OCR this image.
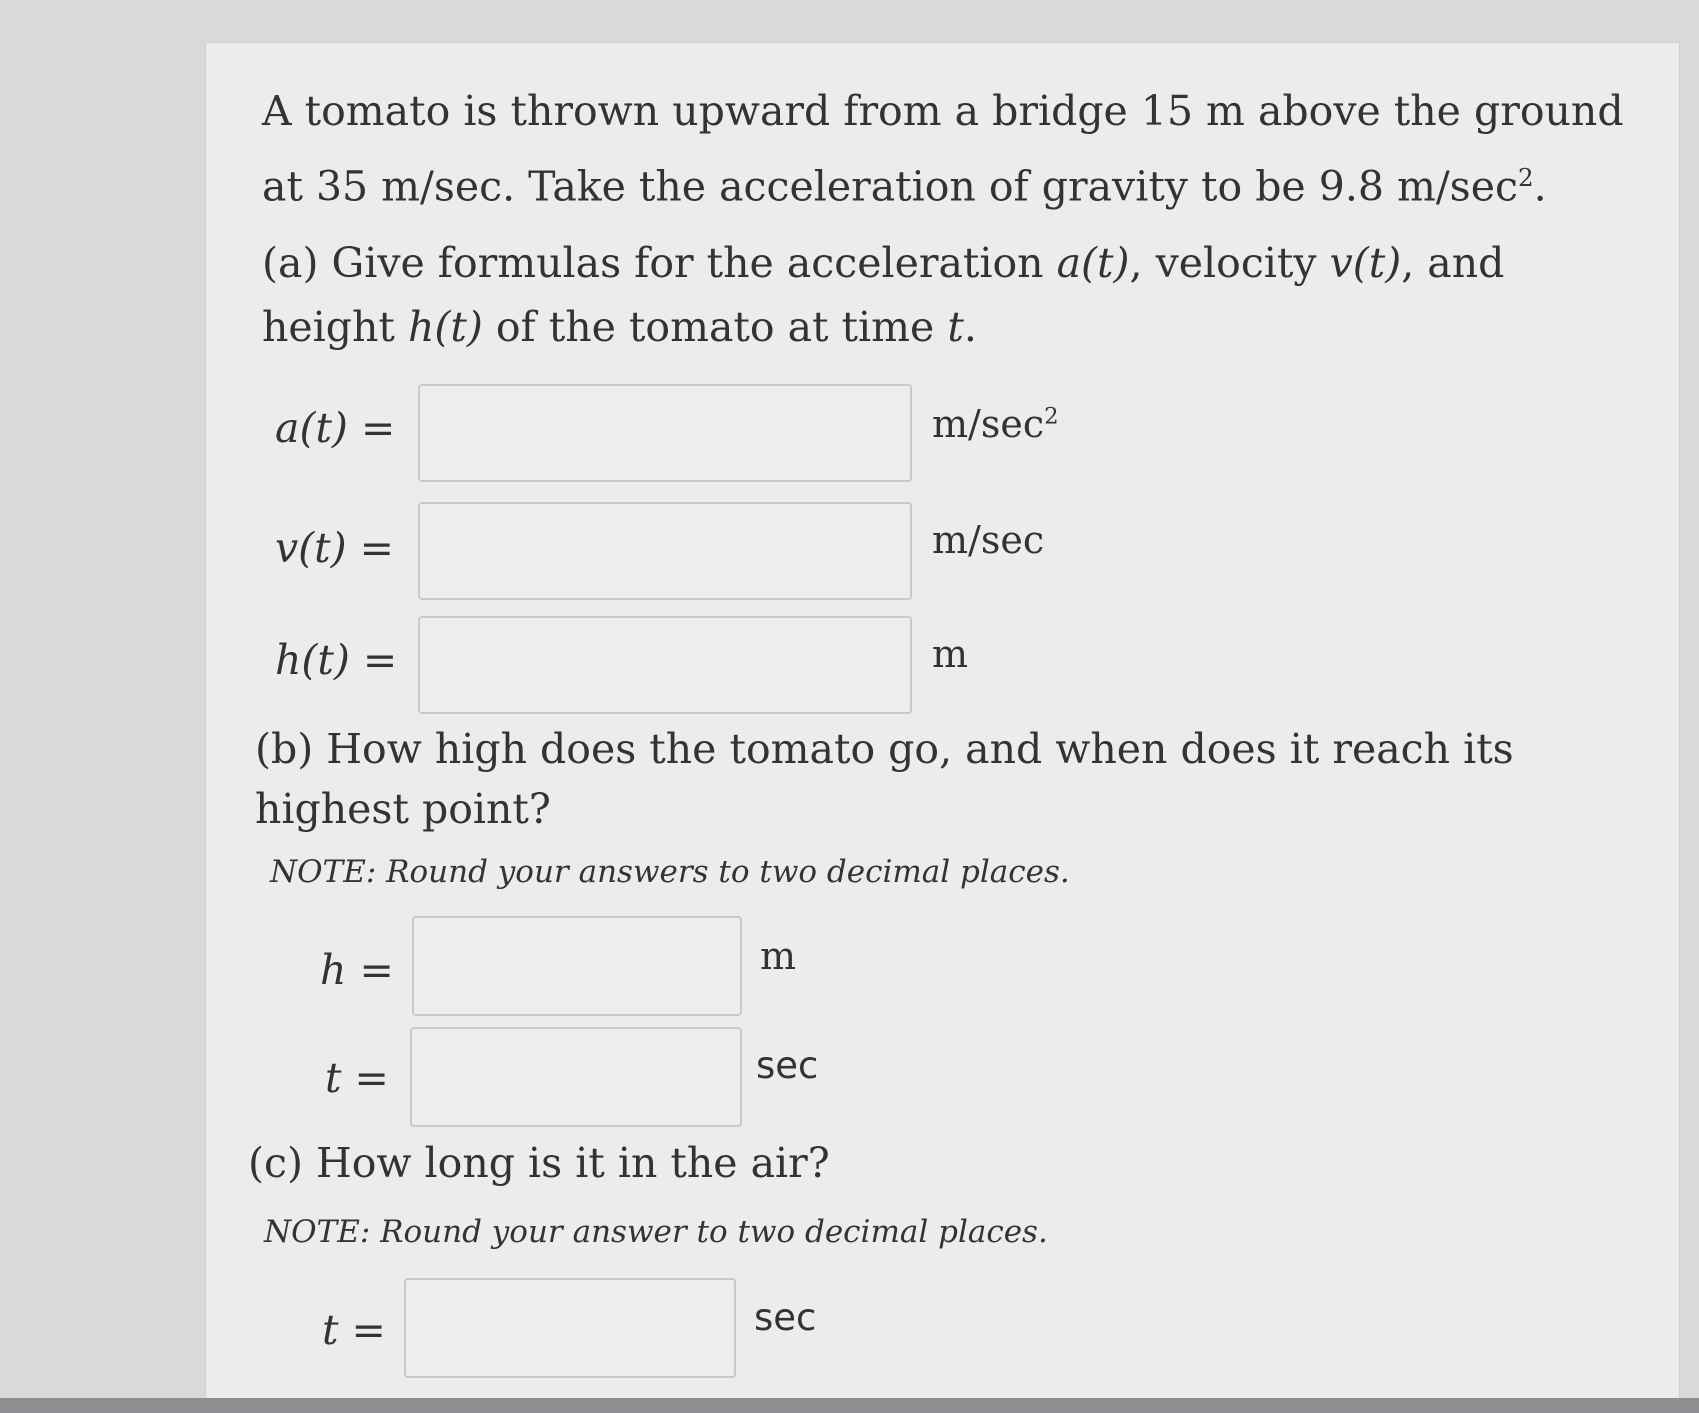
A tomato is thrown upward from a bridge 15 m above the ground
at 35 m/sec. Take the acceleration of gravity to be 9.8 $m/\sec^2$.
(a) Give formulas for the acceleration a(t), velocity v(t), and
height h(t) of the tomato at time t.
a(t) =	$m/\sec^2$
v(t) =	m/sec
h(t) =	m
(b) How high does the tomato go, and when does it reach its
highest point?
NOTE: Round your answers to two decimal places.
h =	m
t =	sec
(c) How long is it in the air?
NOTE: Round your answer to two decimal places.
t =	sec
